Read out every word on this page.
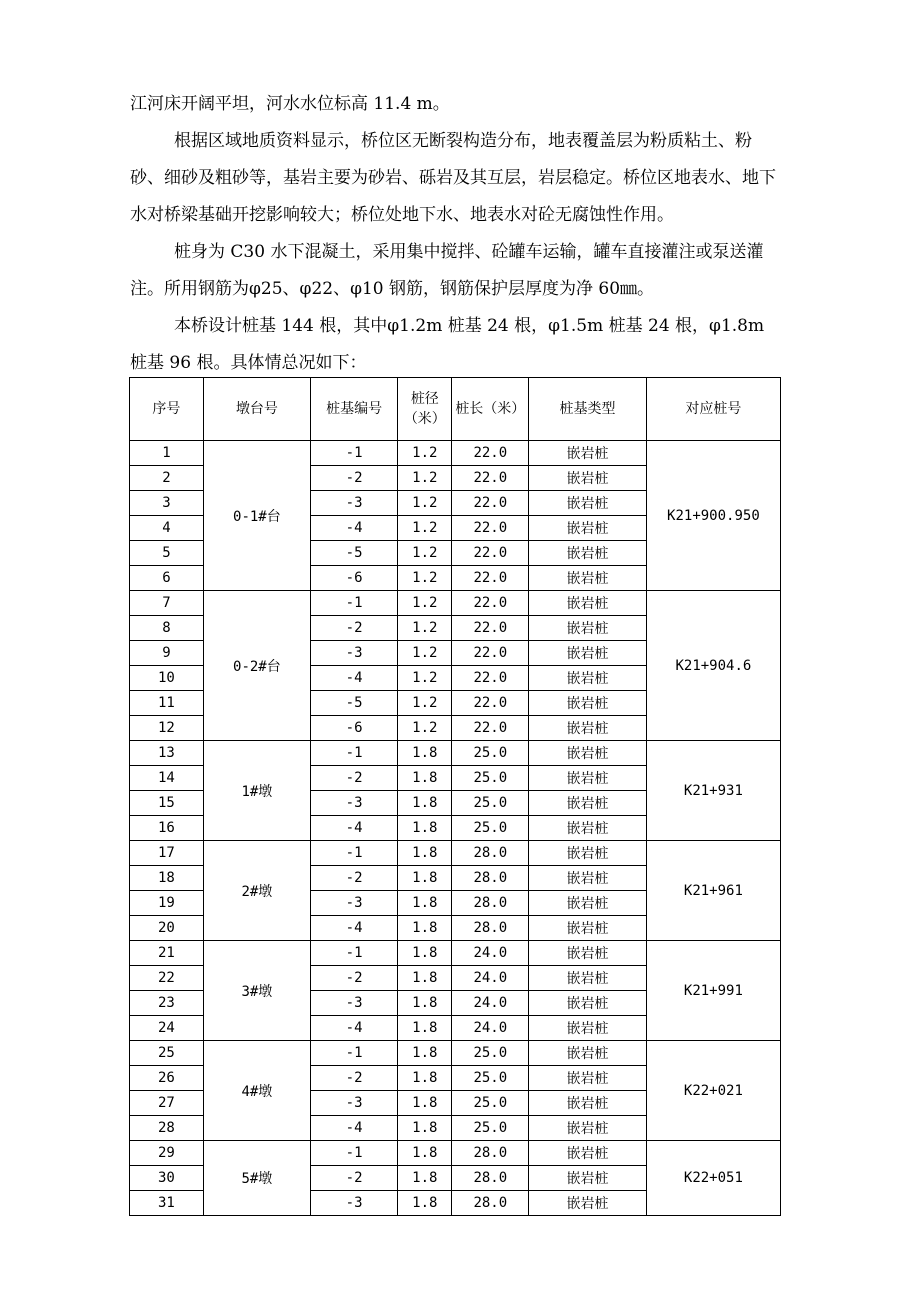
江河床开阔平坦，河水水位标高 11.4 m。

根据区域地质资料显示，桥位区无断裂构造分布，地表覆盖层为粉质粘土、粉砂、细砂及粗砂等，基岩主要为砂岩、砾岩及其互层，岩层稳定。桥位区地表水、地下水对桥梁基础开挖影响较大；桥位处地下水、地表水对砼无腐蚀性作用。

桩身为 C30 水下混凝土，采用集中搅拌、砼罐车运输，罐车直接灌注或泵送灌注。所用钢筋为φ25、φ22、φ10 钢筋，钢筋保护层厚度为净 60㎜。

本桥设计桩基 144 根，其中φ1.2m 桩基 24 根，φ1.5m 桩基 24 根，φ1.8m 桩基 96 根。具体情总况如下：

序号	墩台号	桩基编号	桩径（米）	桩长（米）	桩基类型	对应桩号
1	0-1#台	-1	1.2	22.0	嵌岩桩	K21+900.950
2		-2	1.2	22.0	嵌岩桩	
3		-3	1.2	22.0	嵌岩桩	
4		-4	1.2	22.0	嵌岩桩	
5		-5	1.2	22.0	嵌岩桩	
6		-6	1.2	22.0	嵌岩桩	
7	0-2#台	-1	1.2	22.0	嵌岩桩	K21+904.6
8		-2	1.2	22.0	嵌岩桩	
9		-3	1.2	22.0	嵌岩桩	
10		-4	1.2	22.0	嵌岩桩	
11		-5	1.2	22.0	嵌岩桩	
12		-6	1.2	22.0	嵌岩桩	
13	1#墩	-1	1.8	25.0	嵌岩桩	K21+931
14		-2	1.8	25.0	嵌岩桩	
15		-3	1.8	25.0	嵌岩桩	
16		-4	1.8	25.0	嵌岩桩	
17	2#墩	-1	1.8	28.0	嵌岩桩	K21+961
18		-2	1.8	28.0	嵌岩桩	
19		-3	1.8	28.0	嵌岩桩	
20		-4	1.8	28.0	嵌岩桩	
21	3#墩	-1	1.8	24.0	嵌岩桩	K21+991
22		-2	1.8	24.0	嵌岩桩	
23		-3	1.8	24.0	嵌岩桩	
24		-4	1.8	24.0	嵌岩桩	
25	4#墩	-1	1.8	25.0	嵌岩桩	K22+021
26		-2	1.8	25.0	嵌岩桩	
27		-3	1.8	25.0	嵌岩桩	
28		-4	1.8	25.0	嵌岩桩	
29	5#墩	-1	1.8	28.0	嵌岩桩	K22+051
30		-2	1.8	28.0	嵌岩桩	
31		-3	1.8	28.0	嵌岩桩	
